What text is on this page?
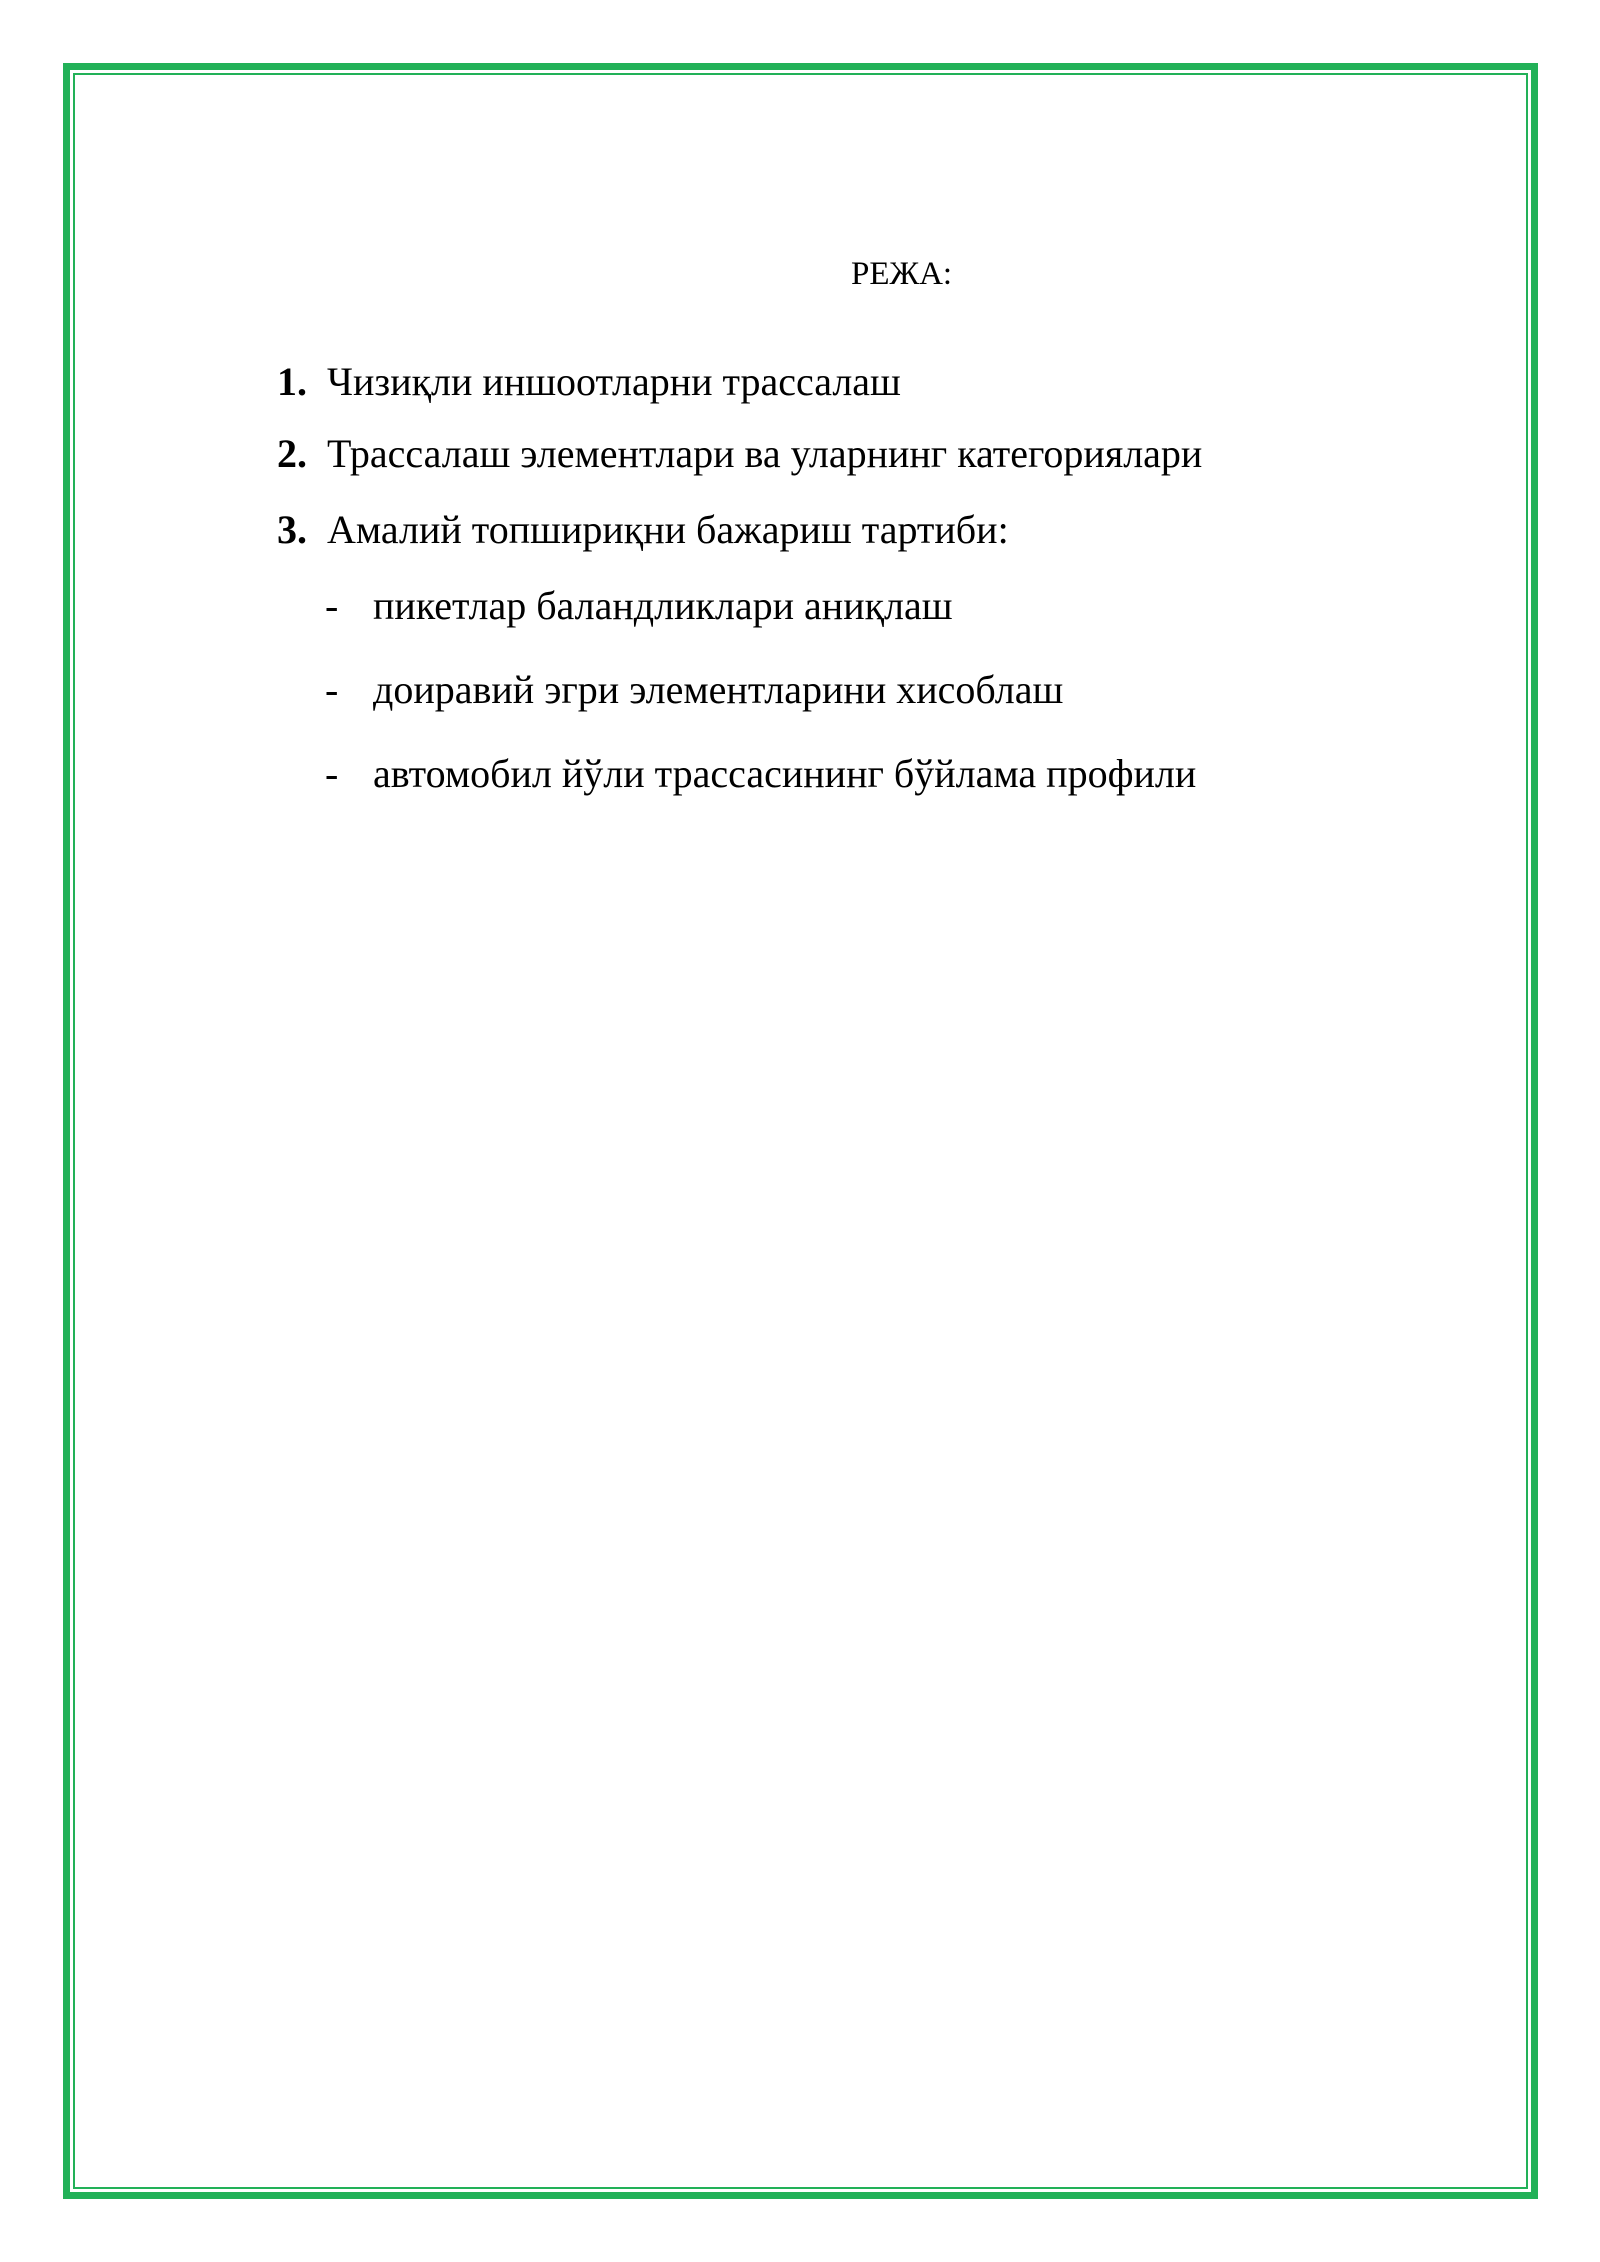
РЕЖА:
1. Чизиқли иншоотларни трассалаш
2. Трассалаш элементлари ва уларнинг категориялари
3. Амалий топшириқни бажариш тартиби:
- пикетлар баландликлари аниқлаш
- доиравий эгри элементларини хисоблаш
- автомобил йўли трассасининг бўйлама профили
